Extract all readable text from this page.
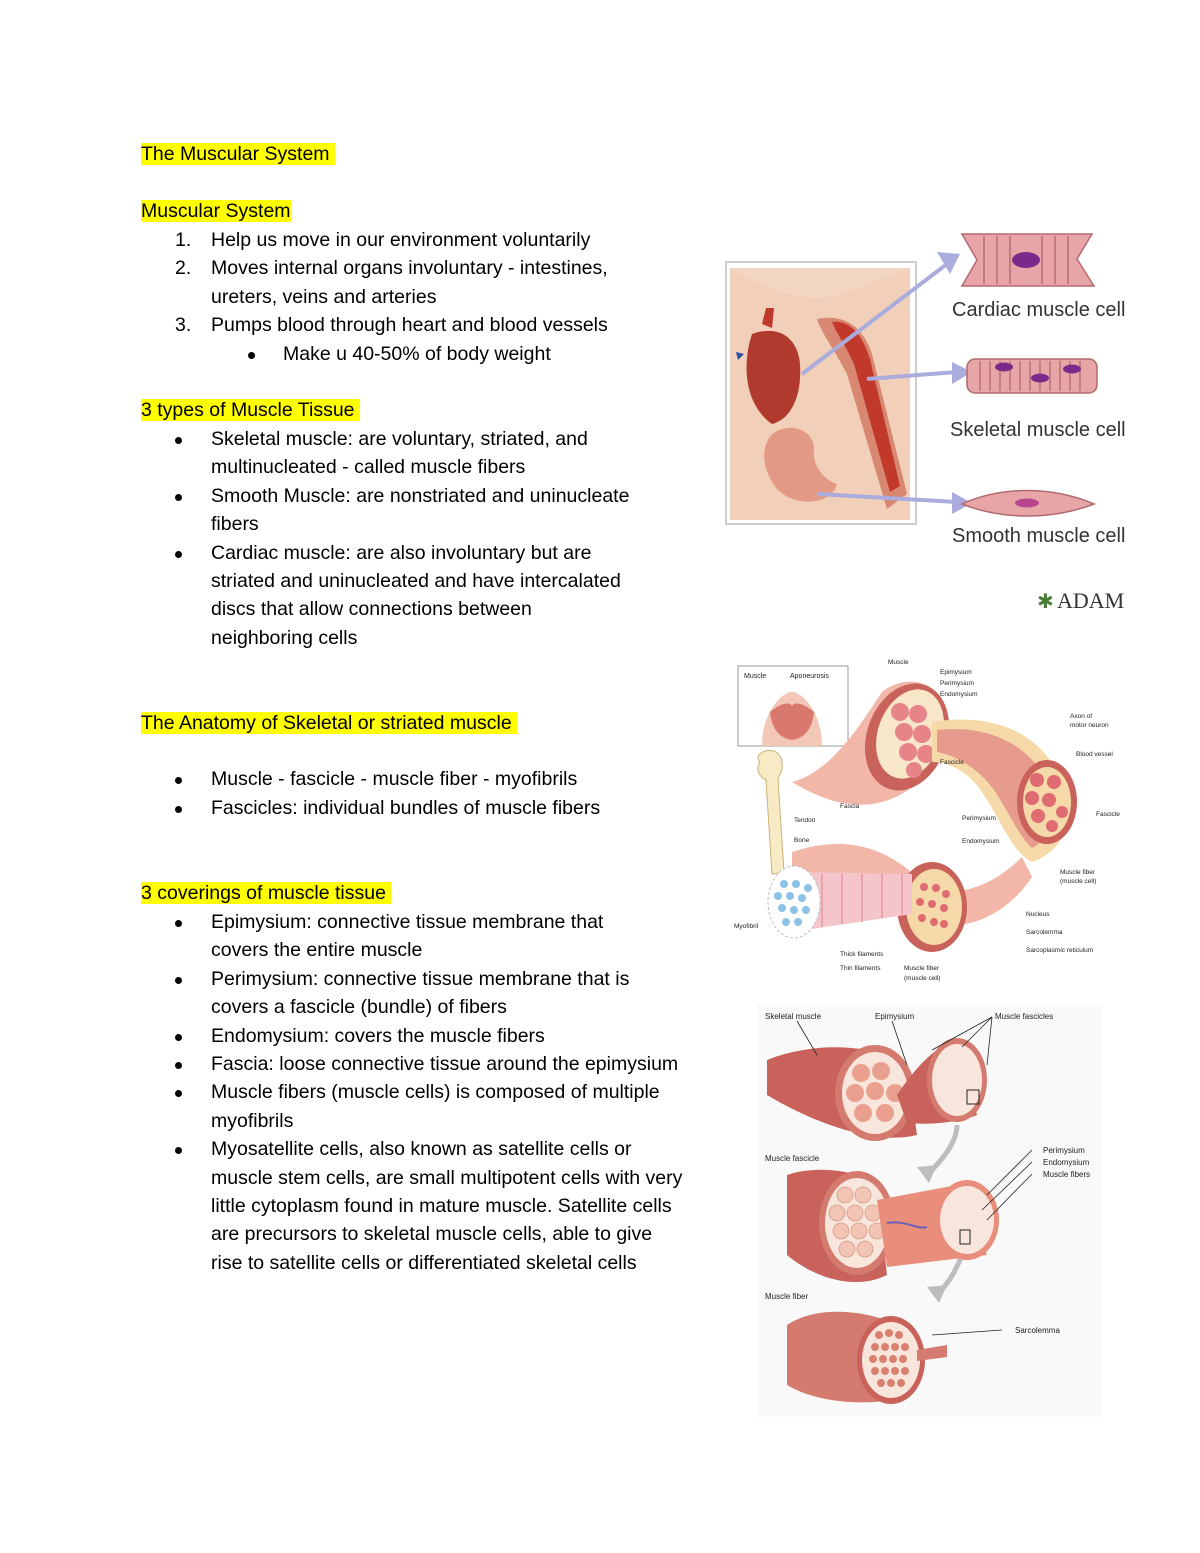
The Muscular System
Muscular System
1. Help us move in our environment voluntarily
2. Moves internal organs involuntary - intestines,
ureters, veins and arteries
3. Pumps blood through heart and blood vessels
Make u 40-50% of body weight
3 types of Muscle Tissue
Skeletal muscle: are voluntary, striated, and
multinucleated - called muscle fibers
Smooth Muscle: are nonstriated and uninucleate
fibers
Cardiac muscle: are also involuntary but are
striated and uninucleated and have intercalated
discs that allow connections between
neighboring cells
The Anatomy of Skeletal or striated muscle
Muscle - fascicle - muscle fiber - myofibrils
Fascicles: individual bundles of muscle fibers
3 coverings of muscle tissue
Epimysium: connective tissue membrane that
covers the entire muscle
Perimysium: connective tissue membrane that is
covers a fascicle (bundle) of fibers
Endomysium: covers the muscle fibers
Fascia: loose connective tissue around the epimysium
Muscle fibers (muscle cells) is composed of multiple
myofibrils
Myosatellite cells, also known as satellite cells or
muscle stem cells, are small multipotent cells with very
little cytoplasm found in mature muscle. Satellite cells
are precursors to skeletal muscle cells, able to give
rise to satellite cells or differentiated skeletal cells
Cardiac muscle cell
Skeletal muscle cell
Smooth muscle cell
ADAM
✱
Muscle	Aponeurosis
Muscle
Epimysium
Perimysium
Endomysium
Axon of
motor neuron
Blood vessel
Fascicle
Fascicle
Fascia
Tendon
Bone
Perimysium
Endomysium
Muscle fiber
(muscle cell)
Myofibril
Nucleus
Sarcolemma
Sarcoplasmic reticulum
Thick filaments
Thin filaments	Muscle fiber
(muscle cell)
Skeletal muscle	Epimysium	Muscle fascicles
Muscle fascicle
Perimysium
Endomysium
Muscle fibers
Muscle fiber
Sarcolemma
